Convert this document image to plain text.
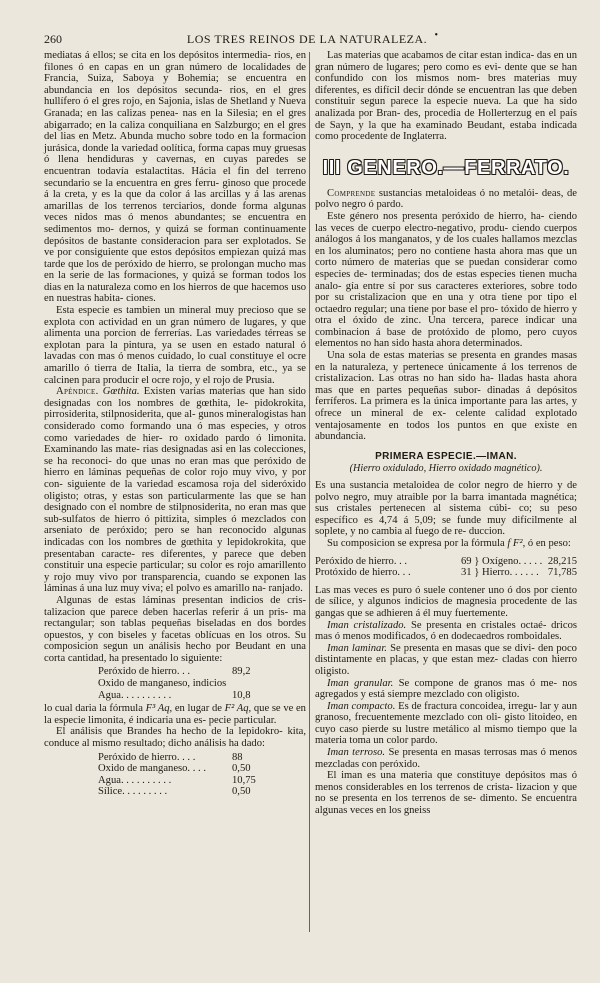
260	LOS TRES REINOS DE LA NATURALEZA. •

mediatas á ellos; se cita en los depósitos intermedia- rios, en filones ó en capas en un gran número de localidades de Francia, Suiza, Saboya y Bohemia; se encuentra en abundancia en los depósitos secunda- rios, en el gres hullífero ó el gres rojo, en Sajonia, islas de Shetland y Nueva Granada; en las calizas penea- nas en la Silesia; en el gres abigarrado; en la caliza conquiliana en Salzburgo; en el gres del lias en Metz. Abunda mucho sobre todo en la formacion jurásica, donde la variedad oolítica, forma capas muy gruesas ó llena hendiduras y cavernas, en cuyas paredes se encuentran todavía estalactitas. Hácia el fin del terreno secundario se la encuentra en gres ferru- ginoso que procede á la creta, y es la que da color á las arcillas y á las arenas amarillas de los terrenos terciarios, donde forma algunas veces nidos mas ó menos abundantes; se encuentra en sedimentos mo- dernos, y quizá se forman continuamente depósitos de bastante consideracion para ser explotados. Se ve por consiguiente que estos depósitos empiezan quizá mas tarde que los de peróxido de hierro, se prolongan mucho mas en la serie de las formaciones, y quizá se forman todos los dias en la naturaleza como en los hierros de que hacemos uso en nuestras habita- ciones.

Esta especie es tambien un mineral muy precioso que se explota con actividad en un gran número de lugares, y que alimenta una porcion de ferrerías. Las variedades térreas se explotan para la pintura, ya se usen en estado natural ó lavadas con mas ó menos cuidado, lo cual constituye el ocre amarillo ó tierra de Italia, la tierra de sombra, etc., ya se calcinen para producir el ocre rojo, y el rojo de Prusia.

Apéndice. Gœthita. Existen varias materias que han sido designadas con los nombres de gœthita, le- pidokrokita, pirrosiderita, stilpnosiderita, que al- gunos mineralogistas han considerado como formando una ó mas especies, y otros como variedades de hier- ro oxidado pardo ó limonita. Examinando las mate- rias designadas asi en las colecciones, se ha reconoci- do que unas no eran mas que peróxido de hierro en láminas pequeñas de color rojo muy vivo, y por con- siguiente de la variedad escamosa roja del sideróxido oligisto; otras, y estas son particularmente las que se han designado con el nombre de stilpnosiderita, no eran mas que sub-sulfatos de hierro ó pittizita, simples ó mezclados con arseniato de peróxido; pero se han reconocido algunas indicadas con los nombres de gœthita y lepidokrokita, que presentaban caracte- res diferentes, y parece que deben constituir una especie particular; su color es rojo amarillento y rojo muy vivo por transparencia, cuando se exponen las láminas á una luz muy viva; el polvo es amarillo na- ranjado.

Algunas de estas láminas presentan indicios de cris- talizacion que parece deben hacerlas referir á un pris- ma rectangular; son tablas pequeñas biseladas en dos bordes opuestos, y con biseles y facetas oblícuas en los otros. Su composicion segun un análisis hecho por Beudant en una corta cantidad, ha presentado lo siguiente:

Peróxido de hierro. . .	89,2
Oxido de manganeso, indicios
Agua. . . . . . . . . .	10,8

lo cual daria la fórmula F³ Aq, en lugar de F² Aq, que se ve en la especie limonita, é indicaria una es- pecie particular.

El análisis que Brandes ha hecho de la lepidokro- kita, conduce al mismo resultado; dicho análisis ha dado:

Peróxido de hierro. . . .	88
Oxido de manganeso. . . .	0,50
Agua. . . . . . . . . .	10,75
Sílice. . . . . . . . .	0,50

Las materias que acabamos de citar estan indica- das en un gran número de lugares; pero como es evi- dente que se han confundido con los mismos nom- bres materias muy diferentes, es difícil decir dónde se encuentran las que deben constituir segun parece la especie nueva. La que ha sido analizada por Bran- des, procedia de Hollerterzug en el país de Sayn, y la que ha examinado Beudant, estaba indicada como procedente de Inglaterra.

III GENERO.—FERRATO.

Comprende sustancias metaloideas ó no metalói- deas, de polvo negro ó pardo.

Este género nos presenta peróxido de hierro, ha- ciendo las veces de cuerpo electro-negativo, produ- ciendo cuerpos análogos á los manganatos, y de los cuales hallamos mezclas en los aluminatos; pero no contiene hasta ahora mas que un corto número de materias que se puedan considerar como especies de- terminadas; dos de estas especies tienen mucha analo- gía entre sí por sus caracteres exteriores, sobre todo por su cristalizacion que en una y otra tiene por tipo el octaedro regular; una tiene por base el pro- tóxido de hierro y otra el óxido de zinc. Una tercera, parece indicar una combinacion á base de protóxido de plomo, pero cuyos elementos no han sido hasta ahora determinados.

Una sola de estas materias se presenta en grandes masas en la naturaleza, y pertenece únicamente á los terrenos de cristalizacion. Las otras no han sido ha- lladas hasta ahora mas que en partes pequeñas subor- dinadas á depósitos ferríferos. La primera es la única importante para las artes, y ofrece un mineral de ex- celente calidad explotado ventajosamente en todos los puntos en que existe en abundancia.

PRIMERA ESPECIE.—IMAN.
(Hierro oxidulado, Hierro oxidado magnético).

Es una sustancia metaloidea de color negro de hierro y de polvo negro, muy atraible por la barra imantada magnética; sus cristales pertenecen al sistema cúbi- co; su peso específico es 4,74 á 5,09; se funde muy difícilmente al soplete, y no cambia al fuego de re- duccion.

Su composicion se expresa por la fórmula f F², ó en peso:

Peróxido de hierro. . .	69 } Oxígeno. . . . . 28,215
Protóxido de hierro. . .	31 } Hierro. . . . . . 71,785

Las mas veces es puro ó suele contener uno ó dos por ciento de sílice, y algunos indicios de magnesia procedente de las gangas que se adhieren á él muy fuertemente.

Iman cristalizado. Se presenta en cristales octaé- dricos mas ó menos modificados, ó en dodecaedros romboidales.

Iman laminar. Se presenta en masas que se divi- den poco distintamente en placas, y que estan mez- cladas con hierro oligisto.

Iman granular. Se compone de granos mas ó me- nos agregados y está siempre mezclado con oligisto.

Iman compacto. Es de fractura concoidea, irregu- lar y aun granoso, frecuentemente mezclado con oli- gisto litoideo, en cuyo caso pierde su lustre metálico al mismo tiempo que la materia toma un color pardo.

Iman terroso. Se presenta en masas terrosas mas ó menos mezcladas con peróxido.

El iman es una materia que constituye depósitos mas ó menos considerables en los terrenos de crista- lizacion y que no se presenta en los terrenos de se- dimento. Se encuentra algunas veces en los gneiss
